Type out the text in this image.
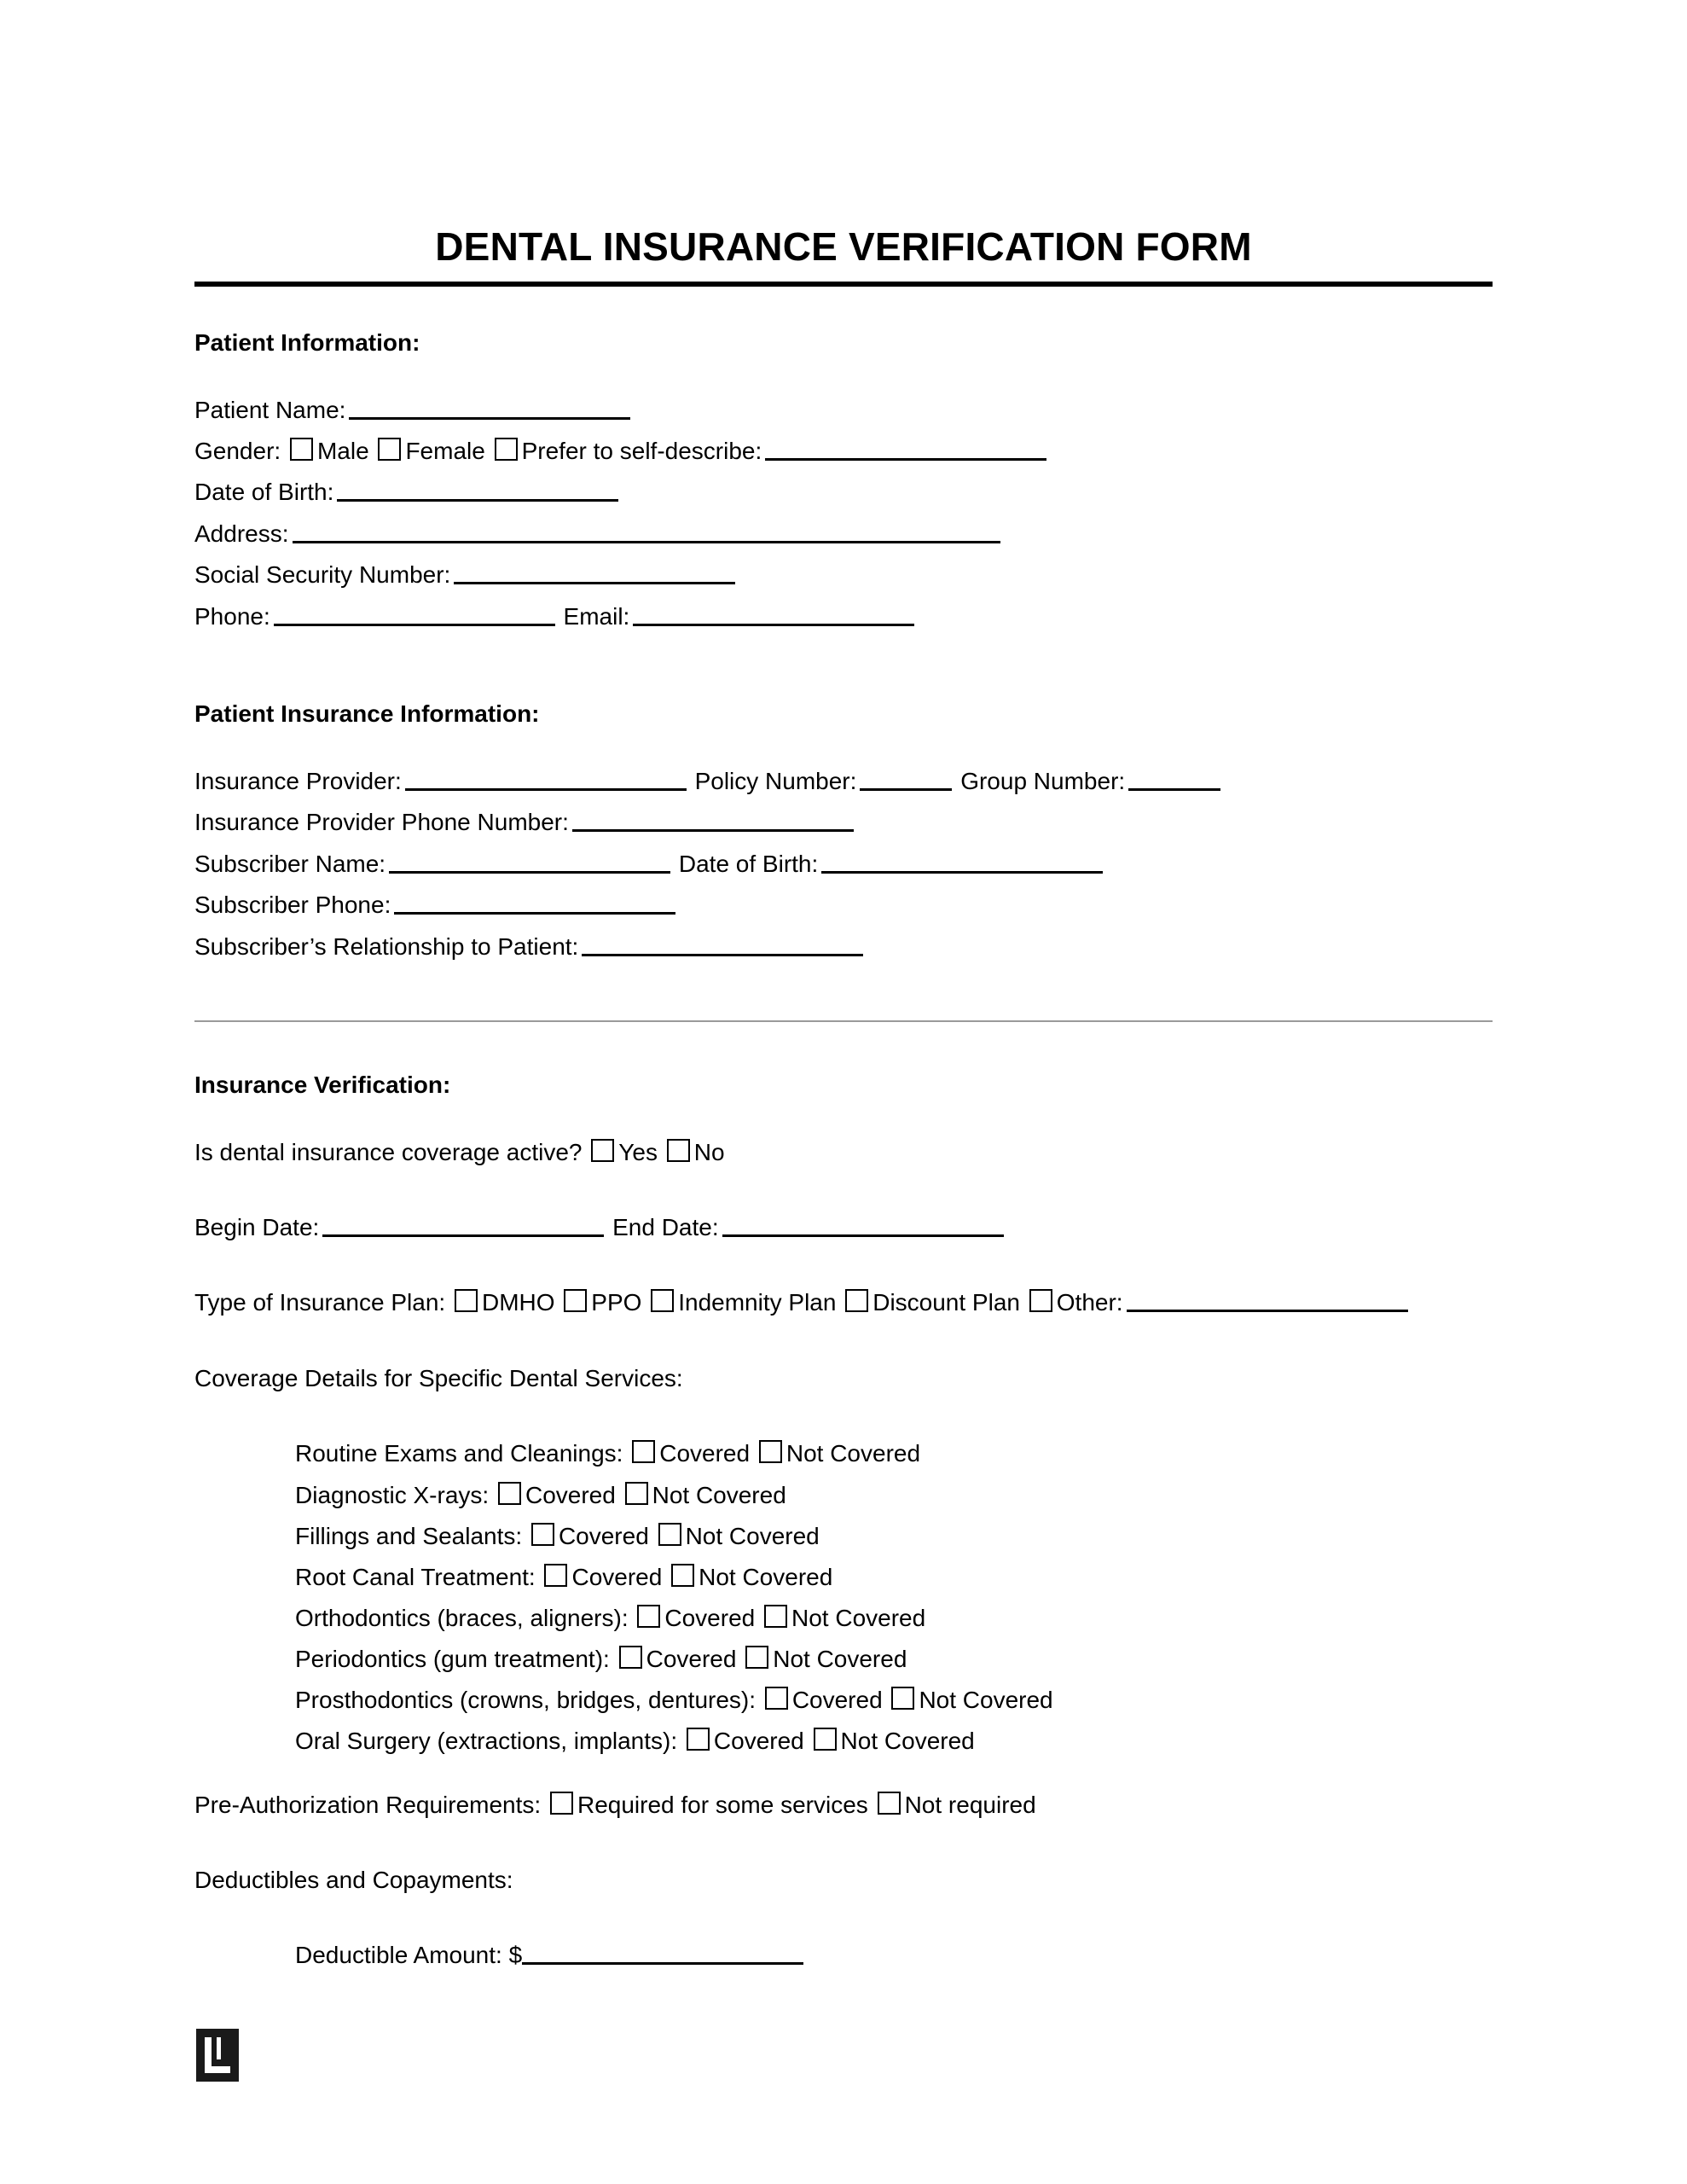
DENTAL INSURANCE VERIFICATION FORM
Patient Information:

Patient Name:

Gender: Male Female Prefer to self-describe:

Date of Birth:

Address:

Social Security Number:

Phone:	Email:

Patient Insurance Information:

Insurance Provider:	Policy Number:	Group Number:

Insurance Provider Phone Number:

Subscriber Name:	Date of Birth:

Subscriber Phone:

Subscriber’s Relationship to Patient:

Insurance Verification:

Is dental insurance coverage active? Yes No

Begin Date:	End Date:

Type of Insurance Plan: DMHO PPO Indemnity Plan Discount Plan Other:

Coverage Details for Specific Dental Services:

Routine Exams and Cleanings: Covered Not Covered

Diagnostic X-rays: Covered Not Covered

Fillings and Sealants: Covered Not Covered

Root Canal Treatment: Covered Not Covered

Orthodontics (braces, aligners): Covered Not Covered

Periodontics (gum treatment): Covered Not Covered

Prosthodontics (crowns, bridges, dentures): Covered Not Covered

Oral Surgery (extractions, implants): Covered Not Covered

Pre-Authorization Requirements: Required for some services Not required

Deductibles and Copayments:

Deductible Amount: $
